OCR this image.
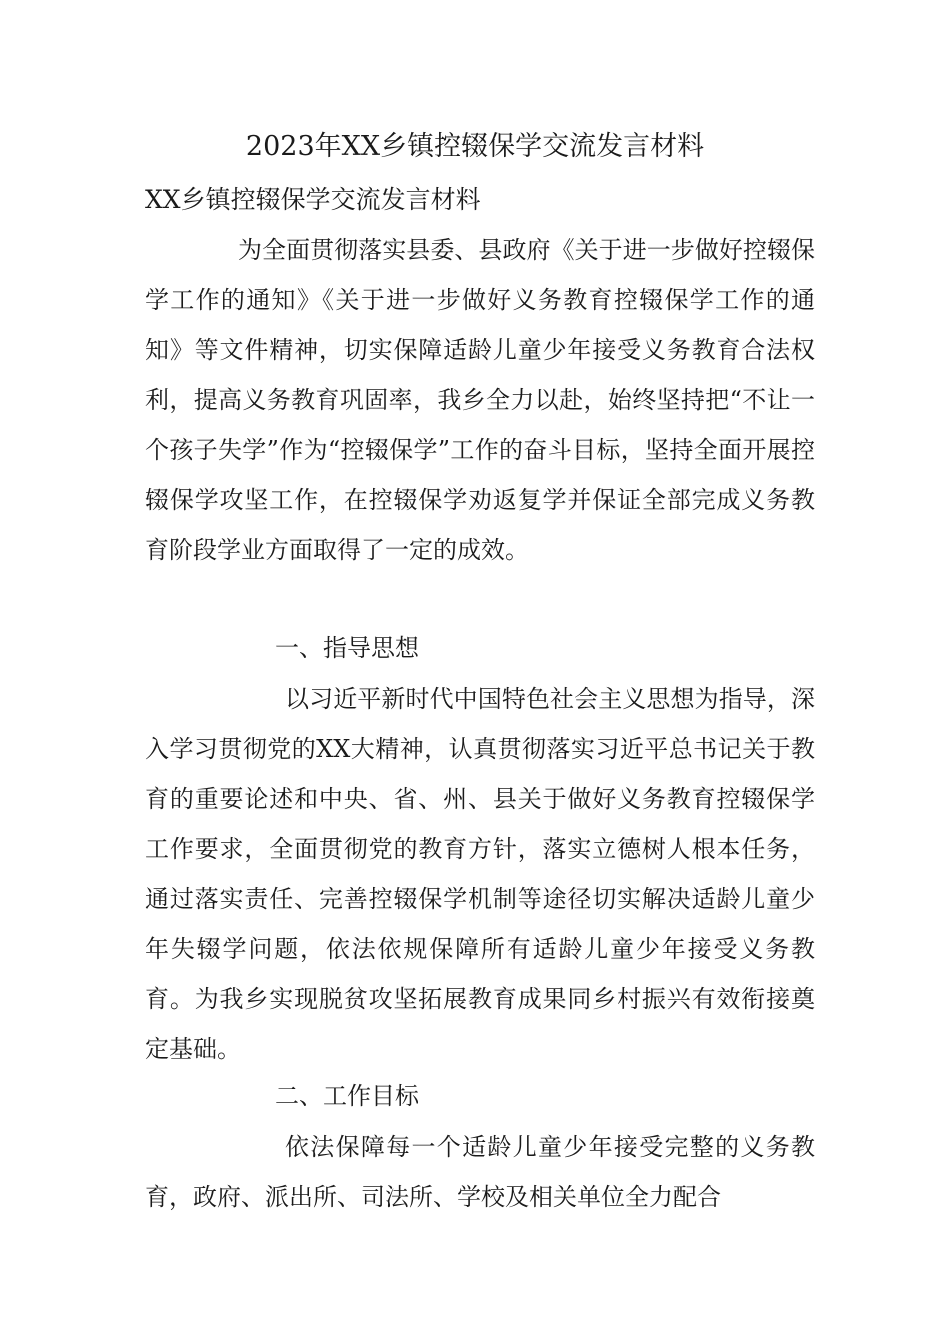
2023年XX乡镇控辍保学交流发言材料
XX乡镇控辍保学交流发言材料

为全面贯彻落实县委、县政府《关于进一步做好控辍保学工作的通知》《关于进一步做好义务教育控辍保学工作的通知》等文件精神，切实保障适龄儿童少年接受义务教育合法权利，提高义务教育巩固率，我乡全力以赴，始终坚持把“不让一个孩子失学”作为“控辍保学”工作的奋斗目标，坚持全面开展控辍保学攻坚工作，在控辍保学劝返复学并保证全部完成义务教育阶段学业方面取得了一定的成效。

一、指导思想

以习近平新时代中国特色社会主义思想为指导，深入学习贯彻党的XX大精神，认真贯彻落实习近平总书记关于教育的重要论述和中央、省、州、县关于做好义务教育控辍保学工作要求，全面贯彻党的教育方针，落实立德树人根本任务，通过落实责任、完善控辍保学机制等途径切实解决适龄儿童少年失辍学问题，依法依规保障所有适龄儿童少年接受义务教育。为我乡实现脱贫攻坚拓展教育成果同乡村振兴有效衔接奠定基础。

二、工作目标

依法保障每一个适龄儿童少年接受完整的义务教育，政府、派出所、司法所、学校及相关单位全力配合
